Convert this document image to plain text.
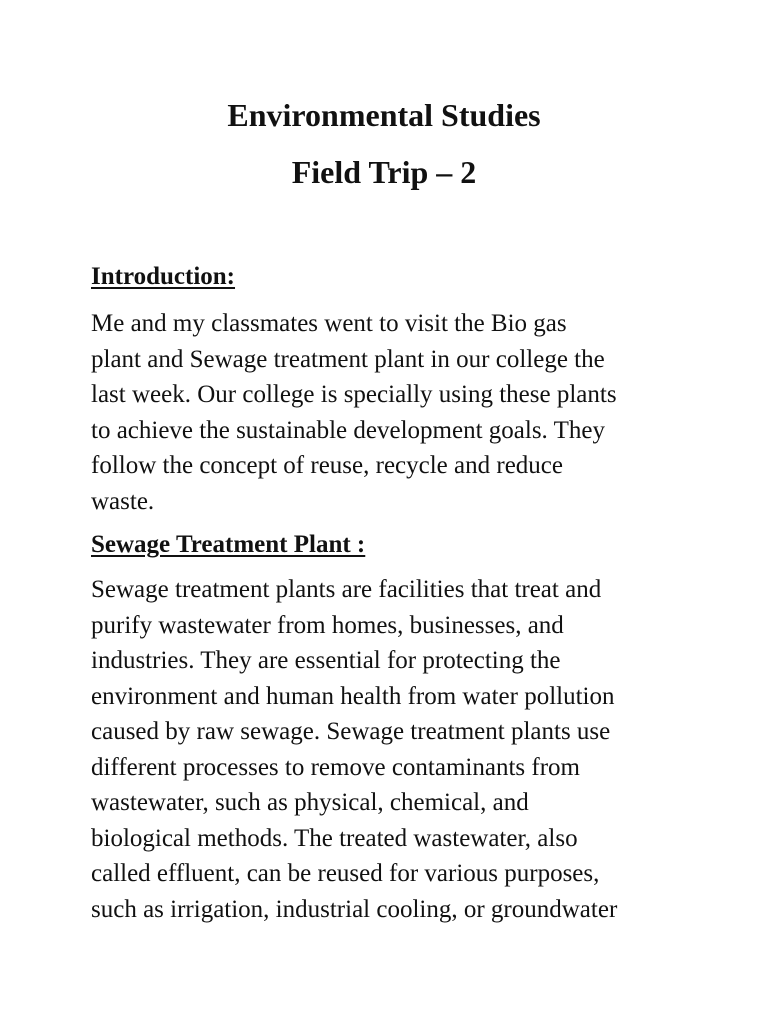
Environmental Studies
Field Trip – 2
Introduction:

Me and my classmates went to visit the Bio gas
plant and Sewage treatment plant in our college the
last week. Our college is specially using these plants
to achieve the sustainable development goals. They
follow the concept of reuse, recycle and reduce
waste.

Sewage Treatment Plant :

Sewage treatment plants are facilities that treat and
purify wastewater from homes, businesses, and
industries. They are essential for protecting the
environment and human health from water pollution
caused by raw sewage. Sewage treatment plants use
different processes to remove contaminants from
wastewater, such as physical, chemical, and
biological methods. The treated wastewater, also
called effluent, can be reused for various purposes,
such as irrigation, industrial cooling, or groundwater
